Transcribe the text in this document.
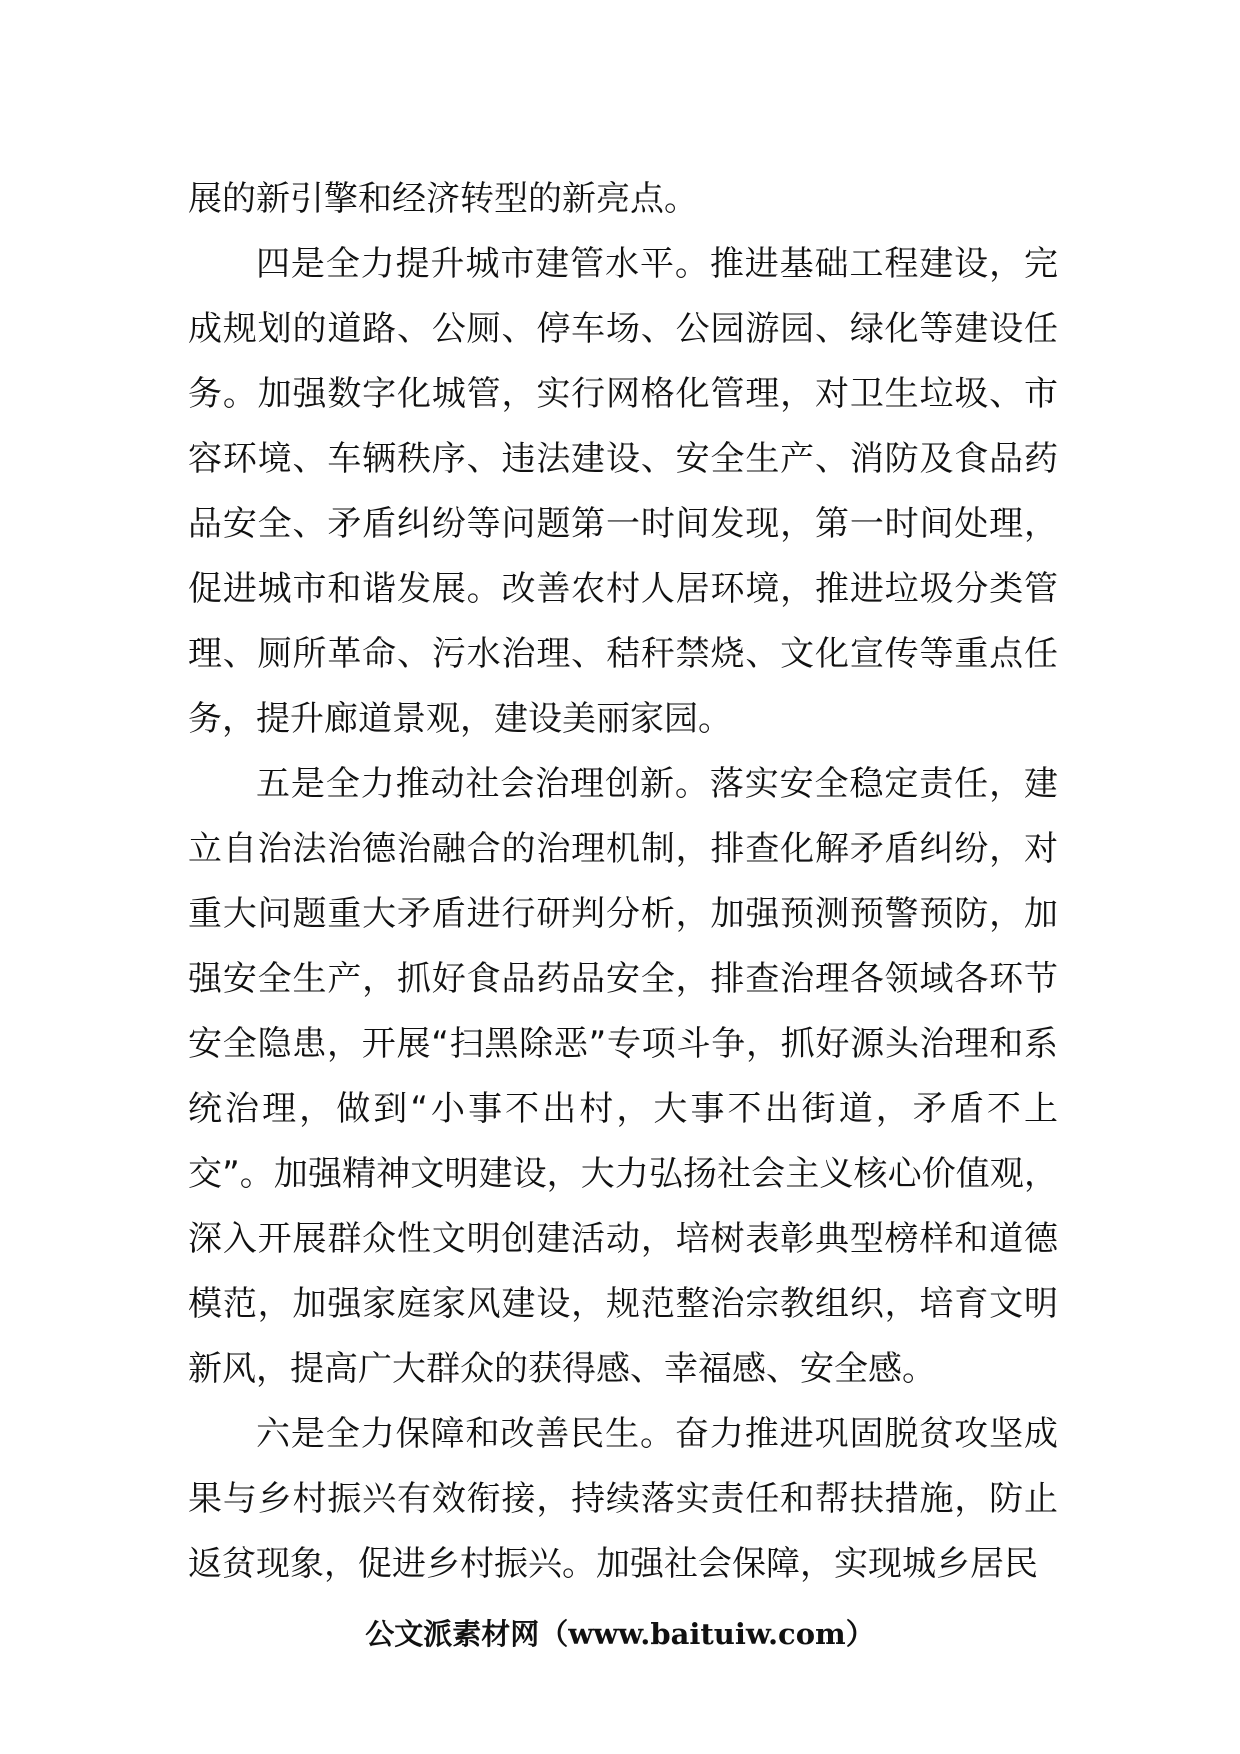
展的新引擎和经济转型的新亮点。

四是全力提升城市建管水平。推进基础工程建设，完成规划的道路、公厕、停车场、公园游园、绿化等建设任务。加强数字化城管，实行网格化管理，对卫生垃圾、市容环境、车辆秩序、违法建设、安全生产、消防及食品药品安全、矛盾纠纷等问题第一时间发现，第一时间处理，促进城市和谐发展。改善农村人居环境，推进垃圾分类管理、厕所革命、污水治理、秸秆禁烧、文化宣传等重点任务，提升廊道景观，建设美丽家园。

五是全力推动社会治理创新。落实安全稳定责任，建立自治法治德治融合的治理机制，排查化解矛盾纠纷，对重大问题重大矛盾进行研判分析，加强预测预警预防，加强安全生产，抓好食品药品安全，排查治理各领域各环节安全隐患，开展“扫黑除恶”专项斗争，抓好源头治理和系统治理，做到“小事不出村，大事不出街道，矛盾不上交”。加强精神文明建设，大力弘扬社会主义核心价值观，深入开展群众性文明创建活动，培树表彰典型榜样和道德模范，加强家庭家风建设，规范整治宗教组织，培育文明新风，提高广大群众的获得感、幸福感、安全感。

六是全力保障和改善民生。奋力推进巩固脱贫攻坚成果与乡村振兴有效衔接，持续落实责任和帮扶措施，防止返贫现象，促进乡村振兴。加强社会保障，实现城乡居民

公文派素材网（www.baituiw.com）
